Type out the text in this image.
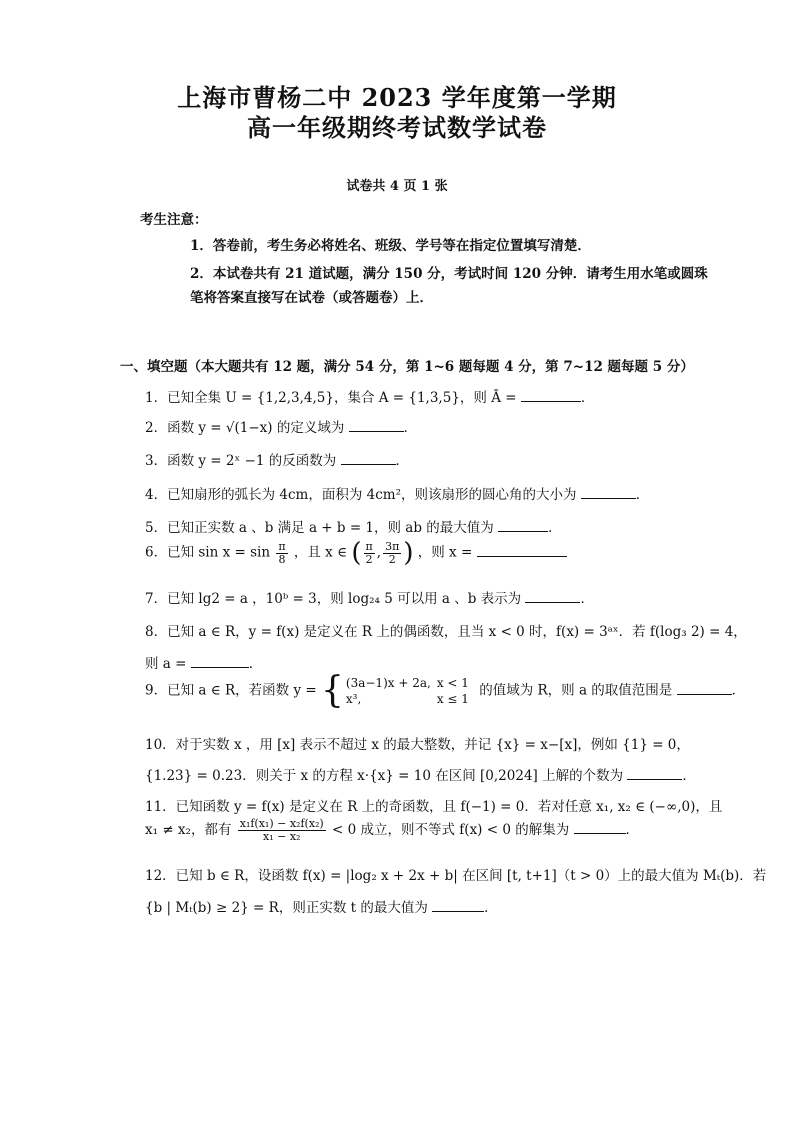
上海市曹杨二中 2023 学年度第一学期
高一年级期终考试数学试卷
试卷共 4 页 1 张
考生注意：
1．答卷前，考生务必将姓名、班级、学号等在指定位置填写清楚．
2．本试卷共有 21 道试题，满分 150 分，考试时间 120 分钟．请考生用水笔或圆珠笔将答案直接写在试卷（或答题卷）上．
一、填空题（本大题共有 12 题，满分 54 分，第 1~6 题每题 4 分，第 7~12 题每题 5 分）
1．已知全集 U = {1,2,3,4,5}，集合 A = {1,3,5}，则 Ā =	．
2．函数 y = √(1−x) 的定义域为	．
3．函数 y = 2ˣ −1 的反函数为	．
4．已知扇形的弧长为 4cm，面积为 4cm²，则该扇形的圆心角的大小为	．
5．已知正实数 a 、b 满足 a + b = 1，则 ab 的最大值为	．
6．已知 $\sin x = \sin \frac{\pi}{8}$ ，且 x ∈ ( $\frac{\pi}{2}$ , $\frac{3\pi}{2}$ ) ，则 x =
7．已知 lg2 = a ，10ᵇ = 3，则 log₂₄ 5 可以用 a 、b 表示为	．
8．已知 a ∈ R，y = f(x) 是定义在 R 上的偶函数，且当 x < 0 时，f(x) = 3ᵃˣ．若 f(log₃ 2) = 4，
则 a =	．
9．已知 a ∈ R，若函数 y = { (3a−1)x + 2a,	x < 1
x³,	x ≤ 1 的值域为 R，则 a 的取值范围是	．
10．对于实数 x ，用 [x] 表示不超过 x 的最大整数，并记 {x} = x−[x]，例如 {1} = 0，
{1.23} = 0.23．则关于 x 的方程 x·{x} = 10 在区间 [0,2024] 上解的个数为	．
11．已知函数 y = f(x) 是定义在 R 上的奇函数，且 f(−1) = 0．若对任意 x₁, x₂ ∈ (−∞,0)，且
x₁ ≠ x₂，都有 $\frac{\text{x₁f(x₁) − x₂f(x₂)}}{\text{x₁ − x₂}} < 0$ 成立，则不等式 f(x) < 0 的解集为	．
12．已知 b ∈ R，设函数 f(x) = |log₂ x + 2x + b| 在区间 [t, t+1]（t > 0）上的最大值为 Mₜ(b)．若
{b | Mₜ(b) ≥ 2} = R，则正实数 t 的最大值为	．
